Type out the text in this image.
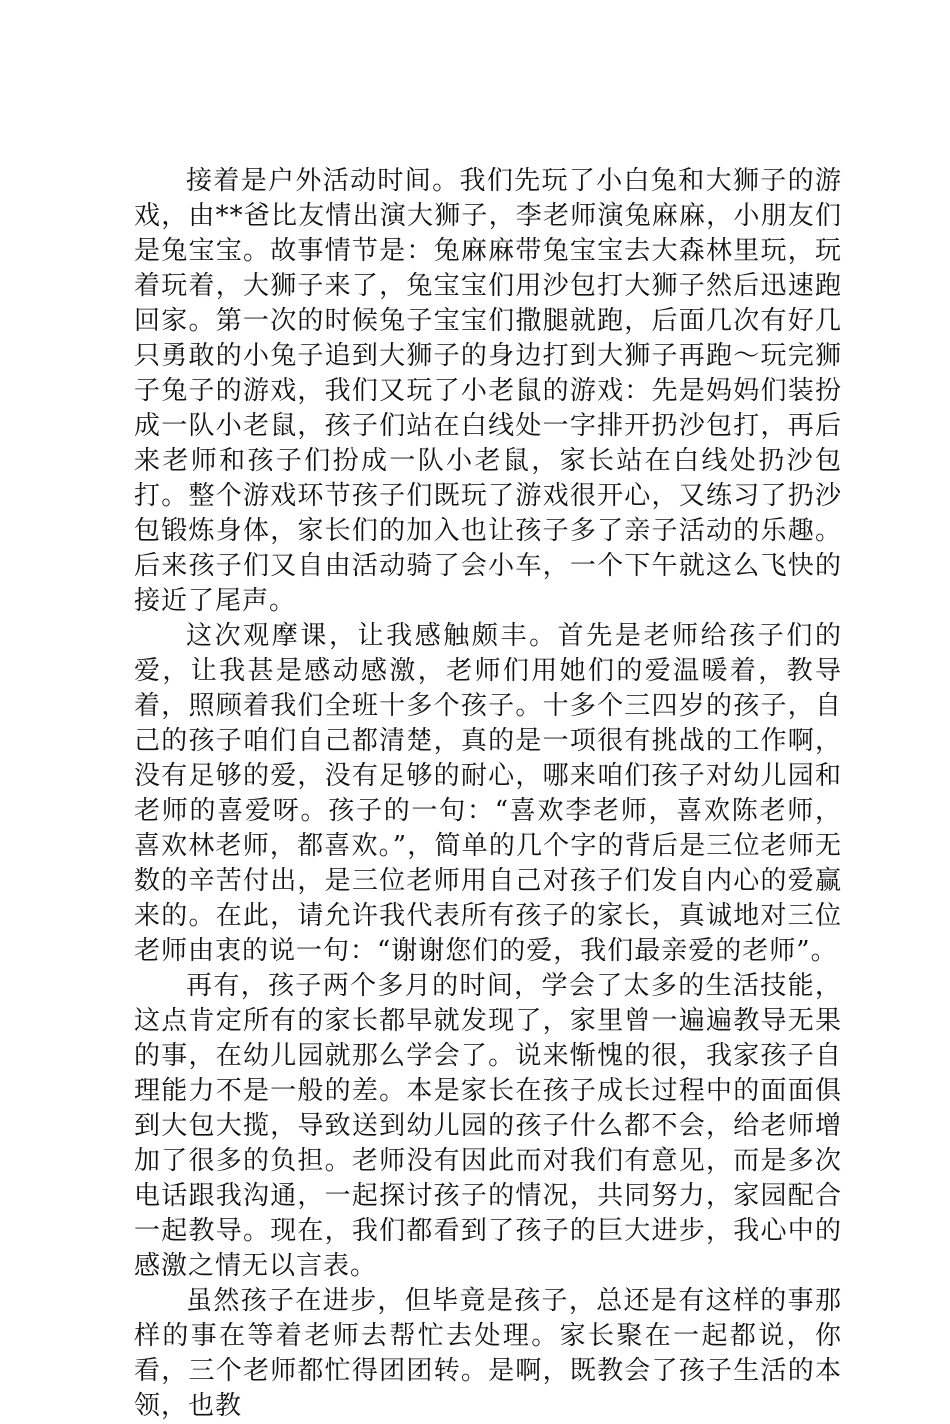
接着是户外活动时间。我们先玩了小白兔和大狮子的游戏，由**爸比友情出演大狮子，李老师演兔麻麻，小朋友们是兔宝宝。故事情节是：兔麻麻带兔宝宝去大森林里玩，玩着玩着，大狮子来了，兔宝宝们用沙包打大狮子然后迅速跑回家。第一次的时候兔子宝宝们撒腿就跑，后面几次有好几只勇敢的小兔子追到大狮子的身边打到大狮子再跑～玩完狮子兔子的游戏，我们又玩了小老鼠的游戏：先是妈妈们装扮成一队小老鼠，孩子们站在白线处一字排开扔沙包打，再后来老师和孩子们扮成一队小老鼠，家长站在白线处扔沙包打。整个游戏环节孩子们既玩了游戏很开心，又练习了扔沙包锻炼身体，家长们的加入也让孩子多了亲子活动的乐趣。后来孩子们又自由活动骑了会小车，一个下午就这么飞快的接近了尾声。

这次观摩课，让我感触颇丰。首先是老师给孩子们的爱，让我甚是感动感激，老师们用她们的爱温暖着，教导着，照顾着我们全班十多个孩子。十多个三四岁的孩子，自己的孩子咱们自己都清楚，真的是一项很有挑战的工作啊，没有足够的爱，没有足够的耐心，哪来咱们孩子对幼儿园和老师的喜爱呀。孩子的一句：“喜欢李老师，喜欢陈老师，喜欢林老师，都喜欢。”，简单的几个字的背后是三位老师无数的辛苦付出，是三位老师用自己对孩子们发自内心的爱赢来的。在此，请允许我代表所有孩子的家长，真诚地对三位老师由衷的说一句：“谢谢您们的爱，我们最亲爱的老师”。

再有，孩子两个多月的时间，学会了太多的生活技能，这点肯定所有的家长都早就发现了，家里曾一遍遍教导无果的事，在幼儿园就那么学会了。说来惭愧的很，我家孩子自理能力不是一般的差。本是家长在孩子成长过程中的面面俱到大包大揽，导致送到幼儿园的孩子什么都不会，给老师增加了很多的负担。老师没有因此而对我们有意见，而是多次电话跟我沟通，一起探讨孩子的情况，共同努力，家园配合一起教导。现在，我们都看到了孩子的巨大进步，我心中的感激之情无以言表。

虽然孩子在进步，但毕竟是孩子，总还是有这样的事那样的事在等着老师去帮忙去处理。家长聚在一起都说，你看，三个老师都忙得团团转。是啊，既教会了孩子生活的本领，也教
